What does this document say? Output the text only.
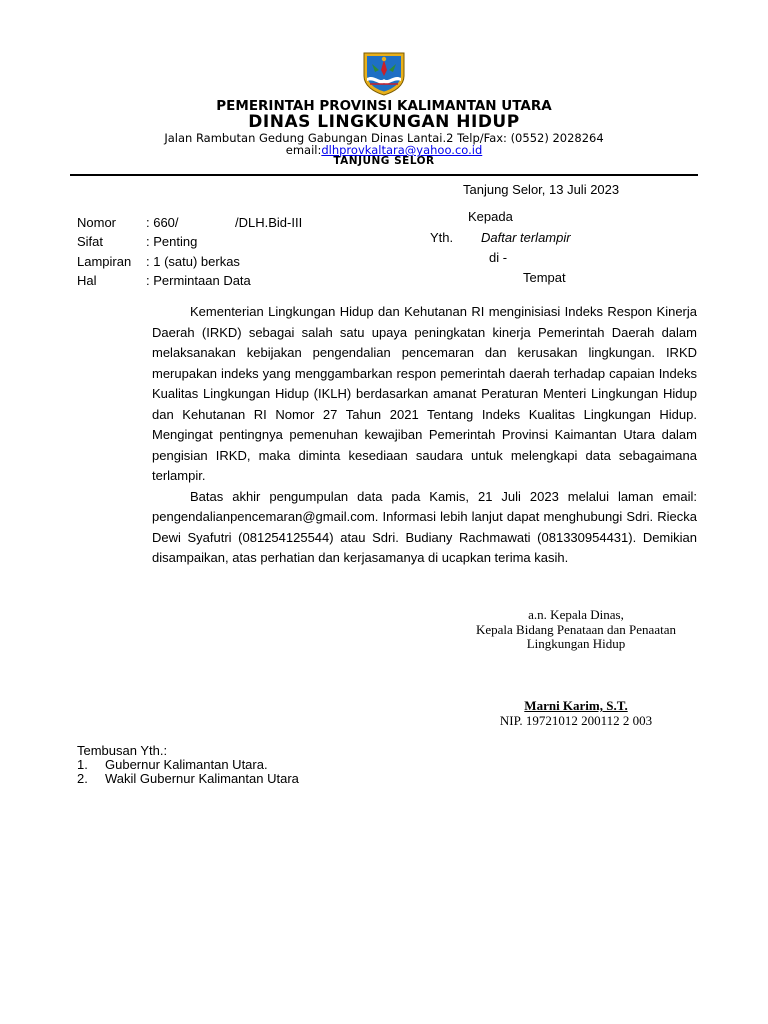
PEMERINTAH PROVINSI KALIMANTAN UTARA
DINAS LINGKUNGAN HIDUP
Jalan Rambutan Gedung Gabungan Dinas Lantai.2 Telp/Fax: (0552) 2028264
email:dlhprovkaltara@yahoo.co.id
TANJUNG SELOR
Tanjung Selor, 13 Juli 2023
Nomor : 660/	/DLH.Bid-III
Sifat	: Penting
Lampiran : 1 (satu) berkas
Hal	: Permintaan Data
Kepada
Yth. Daftar terlampir
di -
Tempat

Kementerian Lingkungan Hidup dan Kehutanan RI menginisiasi Indeks Respon Kinerja Daerah (IRKD) sebagai salah satu upaya peningkatan kinerja Pemerintah Daerah dalam melaksanakan kebijakan pengendalian pencemaran dan kerusakan lingkungan. IRKD merupakan indeks yang menggambarkan respon pemerintah daerah terhadap capaian Indeks Kualitas Lingkungan Hidup (IKLH) berdasarkan amanat Peraturan Menteri Lingkungan Hidup dan Kehutanan RI Nomor 27 Tahun 2021 Tentang Indeks Kualitas Lingkungan Hidup. Mengingat pentingnya pemenuhan kewajiban Pemerintah Provinsi Kaimantan Utara dalam pengisian IRKD, maka diminta kesediaan saudara untuk melengkapi data sebagaimana terlampir.

Batas akhir pengumpulan data pada Kamis, 21 Juli 2023 melalui laman email: pengendalianpencemaran@gmail.com. Informasi lebih lanjut dapat menghubungi Sdri. Riecka Dewi Syafutri (081254125544) atau Sdri. Budiany Rachmawati (081330954431). Demikian disampaikan, atas perhatian dan kerjasamanya di ucapkan terima kasih.

a.n. Kepala Dinas,
Kepala Bidang Penataan dan Penaatan
Lingkungan Hidup
Marni Karim, S.T.
NIP. 19721012 200112 2 003
Tembusan Yth.:
1. Gubernur Kalimantan Utara.
2. Wakil Gubernur Kalimantan Utara
